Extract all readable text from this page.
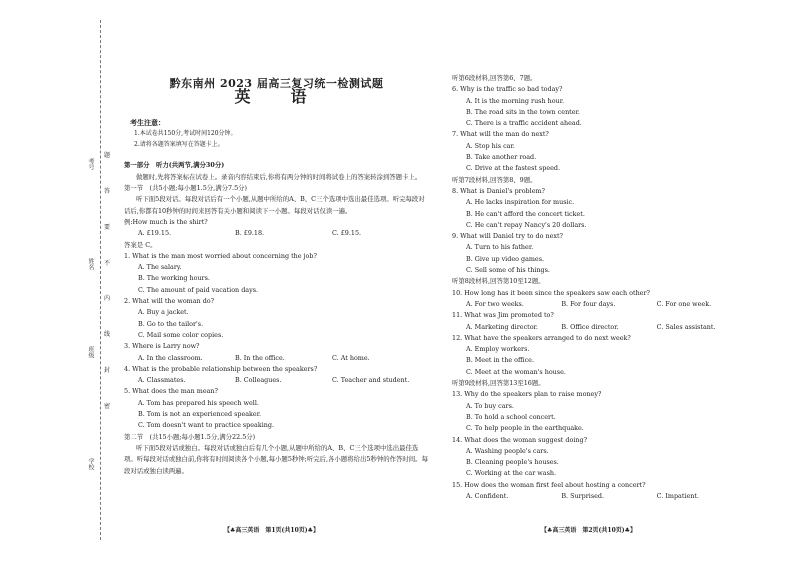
考号
姓名
班级
学校
题
答
要
不
内
线
封
密
黔东南州 2023 届高三复习统一检测试题
英　语
考生注意：
1.本试卷共150分,考试时间120分钟。
2.请将各题答案填写在答题卡上。
第一部分　听力(共两节,满分30分)
做题时,先将答案标在试卷上。录音内容结束后,你将有两分钟的时间将试卷上的答案转涂到答题卡上。
第一节　(共5小题;每小题1.5分,满分7.5分)
听下面5段对话。每段对话后有一个小题,从题中所给的A、B、C三个选项中选出最佳选项。听完每段对话后,你都有10秒钟的时间来回答有关小题和阅读下一小题。每段对话仅读一遍。
例:How much is the shirt?
A. £19.15.	B. £9.18.	C. £9.15.
答案是 C。
1. What is the man most worried about concerning the job?
A. The salary.
B. The working hours.
C. The amount of paid vacation days.
2. What will the woman do?
A. Buy a jacket.
B. Go to the tailor's.
C. Mail some color copies.
3. Where is Larry now?
A. In the classroom.	B. In the office.	C. At home.
4. What is the probable relationship between the speakers?
A. Classmates.	B. Colleagues.	C. Teacher and student.
5. What does the man mean?
A. Tom has prepared his speech well.
B. Tom is not an experienced speaker.
C. Tom doesn't want to practice speaking.
第二节　(共15小题;每小题1.5分,满分22.5分)
听下面5段对话或独白。每段对话或独白后有几个小题,从题中所给的A、B、C三个选项中选出最佳选项。听每段对话或独白前,你将有时间阅读各个小题,每小题5秒钟;听完后,各小题将给出5秒钟的作答时间。每段对话或独白读两遍。
【♣高三英语　第1页(共10页)♣】
听第6段材料,回答第6、7题。
6. Why is the traffic so bad today?
A. It is the morning rush hour.
B. The road sits in the town center.
C. There is a traffic accident ahead.
7. What will the man do next?
A. Stop his car.
B. Take another road.
C. Drive at the fastest speed.
听第7段材料,回答第8、9题。
8. What is Daniel's problem?
A. He lacks inspiration for music.
B. He can't afford the concert ticket.
C. He can't repay Nancy's 20 dollars.
9. What will Daniel try to do next?
A. Turn to his father.
B. Give up video games.
C. Sell some of his things.
听第8段材料,回答第10至12题。
10. How long has it been since the speakers saw each other?
A. For two weeks.	B. For four days.	C. For one week.
11. What was Jim promoted to?
A. Marketing director.	B. Office director.	C. Sales assistant.
12. What have the speakers arranged to do next week?
A. Employ workers.
B. Meet in the office.
C. Meet at the woman's house.
听第9段材料,回答第13至16题。
13. Why do the speakers plan to raise money?
A. To buy cars.
B. To hold a school concert.
C. To help people in the earthquake.
14. What does the woman suggest doing?
A. Washing people's cars.
B. Cleaning people's houses.
C. Working at the car wash.
15. How does the woman first feel about hosting a concert?
A. Confident.	B. Surprised.	C. Impatient.
【♣高三英语　第2页(共10页)♣】
